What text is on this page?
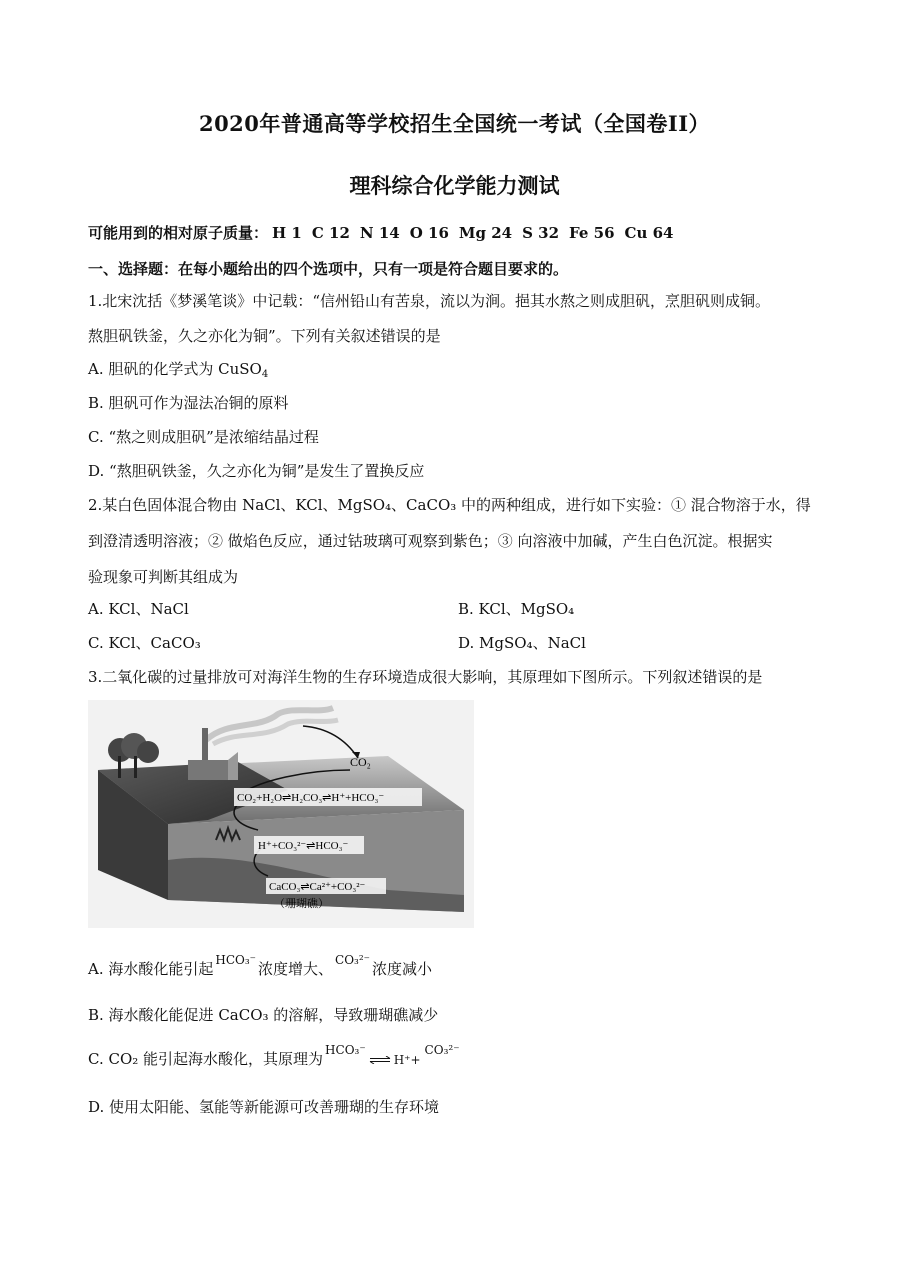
2020年普通高等学校招生全国统一考试（全国卷II）
理科综合化学能力测试
可能用到的相对原子质量： H 1 C 12 N 14 O 16 Mg 24 S 32 Fe 56 Cu 64
一、选择题：在每小题给出的四个选项中，只有一项是符合题目要求的。
1.北宋沈括《梦溪笔谈》中记载：“信州铅山有苦泉，流以为涧。挹其水熬之则成胆矾，烹胆矾则成铜。
熬胆矾铁釜，久之亦化为铜”。下列有关叙述错误的是
A. 胆矾的化学式为 CuSO$_4$
B. 胆矾可作为湿法冶铜的原料
C. “熬之则成胆矾”是浓缩结晶过程
D. “熬胆矾铁釜，久之亦化为铜”是发生了置换反应
2.某白色固体混合物由 NaCl、KCl、MgSO₄、CaCO₃ 中的两种组成，进行如下实验：① 混合物溶于水，得
到澄清透明溶液；② 做焰色反应，通过钴玻璃可观察到紫色；③ 向溶液中加碱，产生白色沉淀。根据实
验现象可判断其组成为
A. KCl、NaCl	B. KCl、MgSO₄
C. KCl、CaCO₃	D. MgSO₄、NaCl
3.二氧化碳的过量排放可对海洋生物的生存环境造成很大影响，其原理如下图所示。下列叙述错误的是
CO₂
CO₂+H₂O⇌H₂CO₃⇌H⁺+HCO₃⁻
H⁺+CO₃²⁻⇌HCO₃⁻
CaCO₃⇌Ca²⁺+CO₃²⁻
（珊瑚礁）
A. 海水酸化能引起 HCO₃⁻ 浓度增大、 CO₃²⁻ 浓度减小
B. 海水酸化能促进 CaCO₃ 的溶解，导致珊瑚礁减少
C. CO₂ 能引起海水酸化，其原理为 HCO₃⁻⇌ H⁺+CO₃²⁻
D. 使用太阳能、氢能等新能源可改善珊瑚的生存环境
